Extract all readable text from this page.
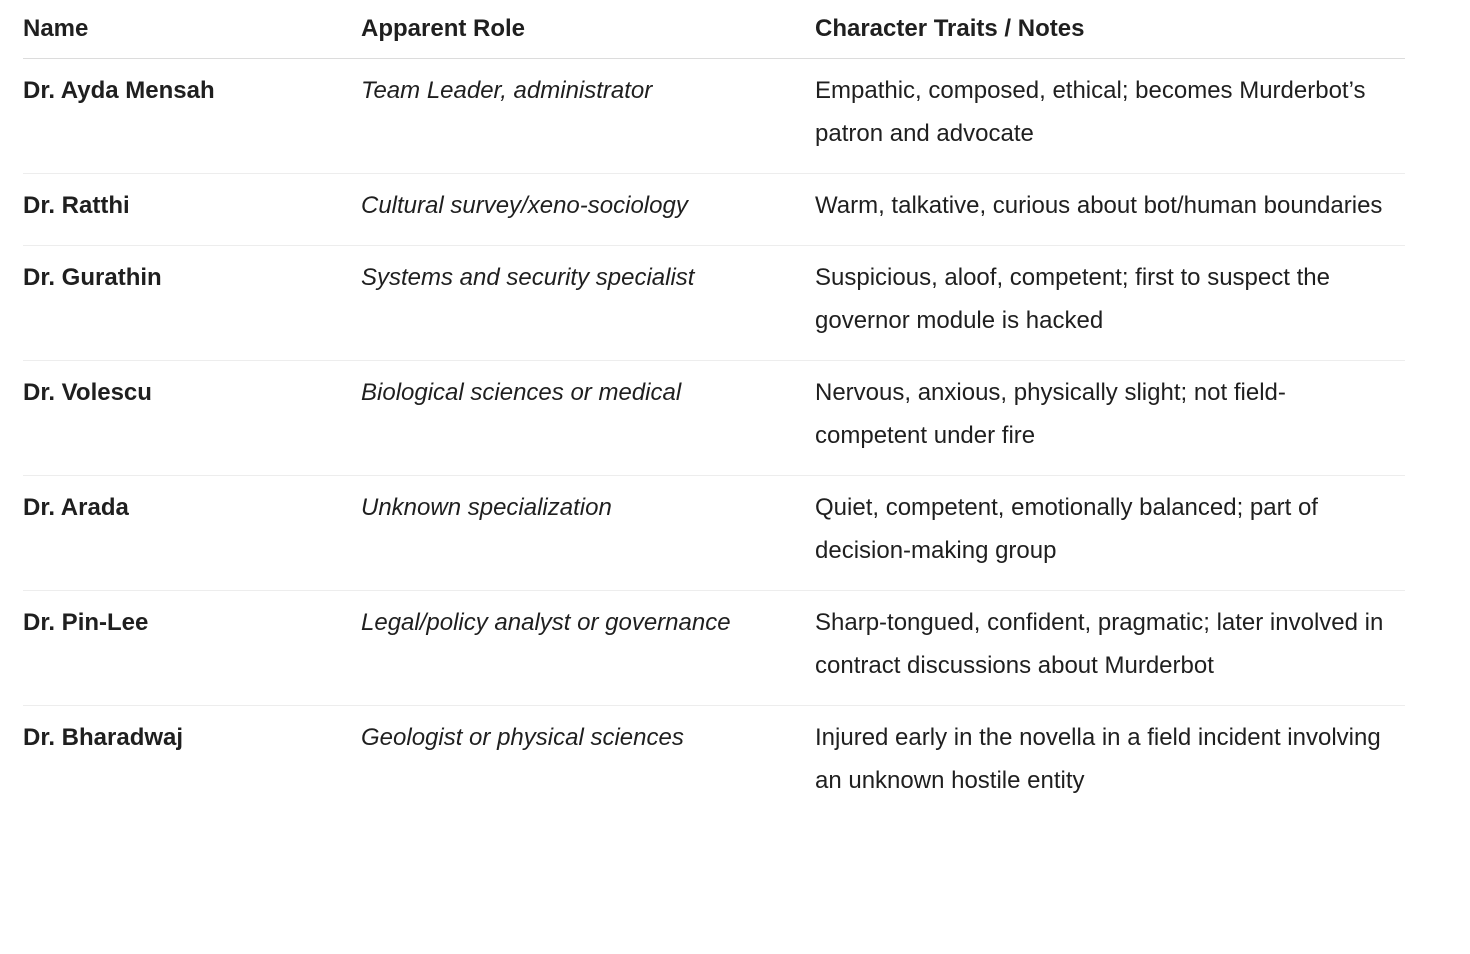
Name	Apparent Role	Character Traits / Notes

Dr. Ayda Mensah	Team Leader, administrator	Empathic, composed, ethical; becomes Murderbot’s patron and advocate

Dr. Ratthi	Cultural survey/xeno-sociology	Warm, talkative, curious about bot/human boundaries

Dr. Gurathin	Systems and security specialist	Suspicious, aloof, competent; first to suspect the governor module is hacked

Dr. Volescu	Biological sciences or medical	Nervous, anxious, physically slight; not field-competent under fire

Dr. Arada	Unknown specialization	Quiet, competent, emotionally balanced; part of decision-making group

Dr. Pin-Lee	Legal/policy analyst or governance	Sharp-tongued, confident, pragmatic; later involved in contract discussions about Murderbot

Dr. Bharadwaj	Geologist or physical sciences	Injured early in the novella in a field incident involving an unknown hostile entity
